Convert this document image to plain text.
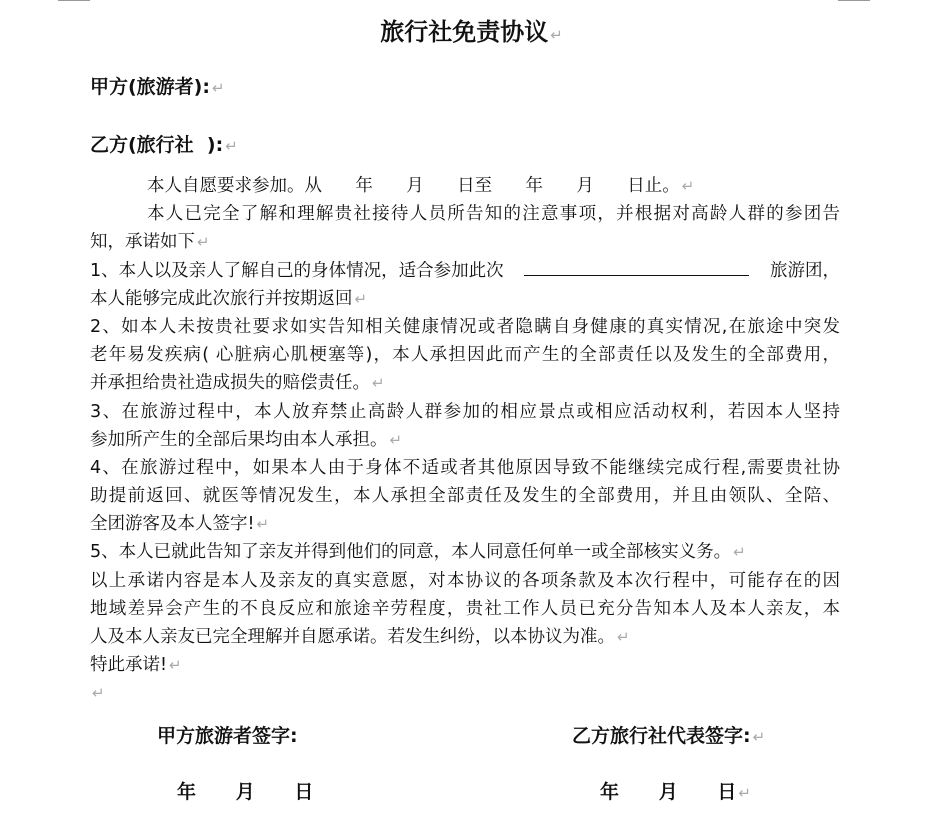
旅行社免责协议 ↵
甲方(旅游者): ↵
乙方(旅行社  ): ↵
本人自愿要求参加。从      年      月      日至      年      月      日止。 ↵
本人已完全了解和理解贵社接待人员所告知的注意事项，并根据对高龄人群的参团告
知，承诺如下 ↵
1、本人以及亲人了解自己的身体情况，适合参加此次	旅游团，
本人能够完成此次旅行并按期返回 ↵
2、如本人未按贵社要求如实告知相关健康情况或者隐瞒自身健康的真实情况,在旅途中突发
老年易发疾病( 心脏病心肌梗塞等)，本人承担因此而产生的全部责任以及发生的全部费用，
并承担给贵社造成损失的赔偿责任。 ↵
3、在旅游过程中，本人放弃禁止高龄人群参加的相应景点或相应活动权利，若因本人坚持
参加所产生的全部后果均由本人承担。 ↵
4、在旅游过程中，如果本人由于身体不适或者其他原因导致不能继续完成行程,需要贵社协
助提前返回、就医等情况发生，本人承担全部责任及发生的全部费用，并且由领队、全陪、
全团游客及本人签字! ↵
5、本人已就此告知了亲友并得到他们的同意，本人同意任何单一或全部核实义务。 ↵
以上承诺内容是本人及亲友的真实意愿，对本协议的各项条款及本次行程中，可能存在的因
地域差异会产生的不良反应和旅途辛劳程度，贵社工作人员已充分告知本人及本人亲友，本
人及本人亲友已完全理解并自愿承诺。若发生纠纷，以本协议为准。 ↵
特此承诺! ↵
↵
甲方旅游者签字:	乙方旅行社代表签字: ↵
年      月      日	年      月      日 ↵
